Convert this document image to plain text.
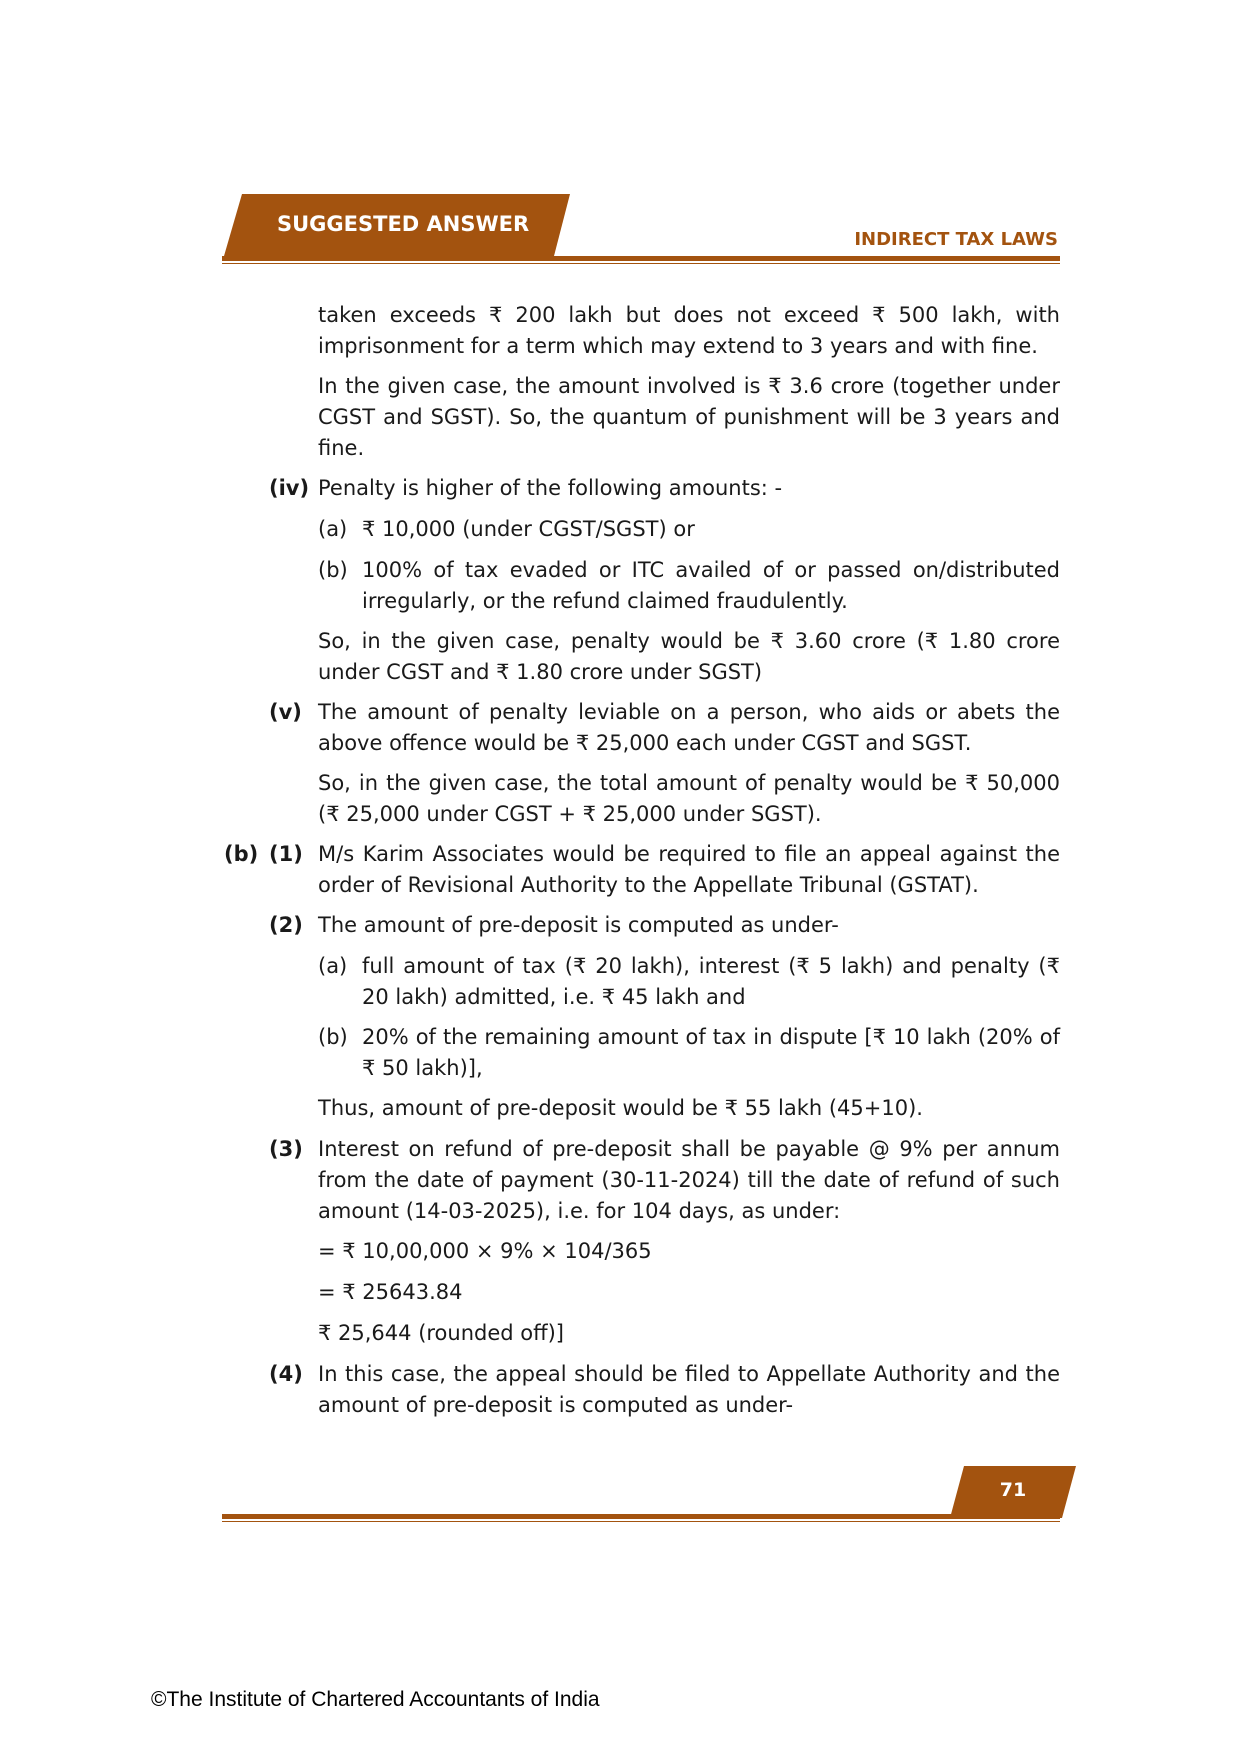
SUGGESTED ANSWER
INDIRECT TAX LAWS
taken exceeds ₹ 200 lakh but does not exceed ₹ 500 lakh, with imprisonment for a term which may extend to 3 years and with fine.
In the given case, the amount involved is ₹ 3.6 crore (together under CGST and SGST). So, the quantum of punishment will be 3 years and fine.
(iv) Penalty is higher of the following amounts: -
(a) ₹ 10,000 (under CGST/SGST) or
(b) 100% of tax evaded or ITC availed of or passed on/distributed irregularly, or the refund claimed fraudulently.
So, in the given case, penalty would be ₹ 3.60 crore (₹ 1.80 crore under CGST and ₹ 1.80 crore under SGST)
(v) The amount of penalty leviable on a person, who aids or abets the above offence would be ₹ 25,000 each under CGST and SGST.
So, in the given case, the total amount of penalty would be ₹ 50,000 (₹ 25,000 under CGST + ₹ 25,000 under SGST).
(b) (1) M/s Karim Associates would be required to file an appeal against the order of Revisional Authority to the Appellate Tribunal (GSTAT).
(2) The amount of pre-deposit is computed as under-
(a) full amount of tax (₹ 20 lakh), interest (₹ 5 lakh) and penalty (₹ 20 lakh) admitted, i.e. ₹ 45 lakh and
(b) 20% of the remaining amount of tax in dispute [₹ 10 lakh (20% of ₹ 50 lakh)],
Thus, amount of pre-deposit would be ₹ 55 lakh (45+10).
(3) Interest on refund of pre-deposit shall be payable @ 9% per annum from the date of payment (30-11-2024) till the date of refund of such amount (14-03-2025), i.e. for 104 days, as under:
= ₹ 10,00,000 × 9% × 104/365
= ₹ 25643.84
₹ 25,644 (rounded off)]
(4) In this case, the appeal should be filed to Appellate Authority and the amount of pre-deposit is computed as under-
71
©The Institute of Chartered Accountants of India
